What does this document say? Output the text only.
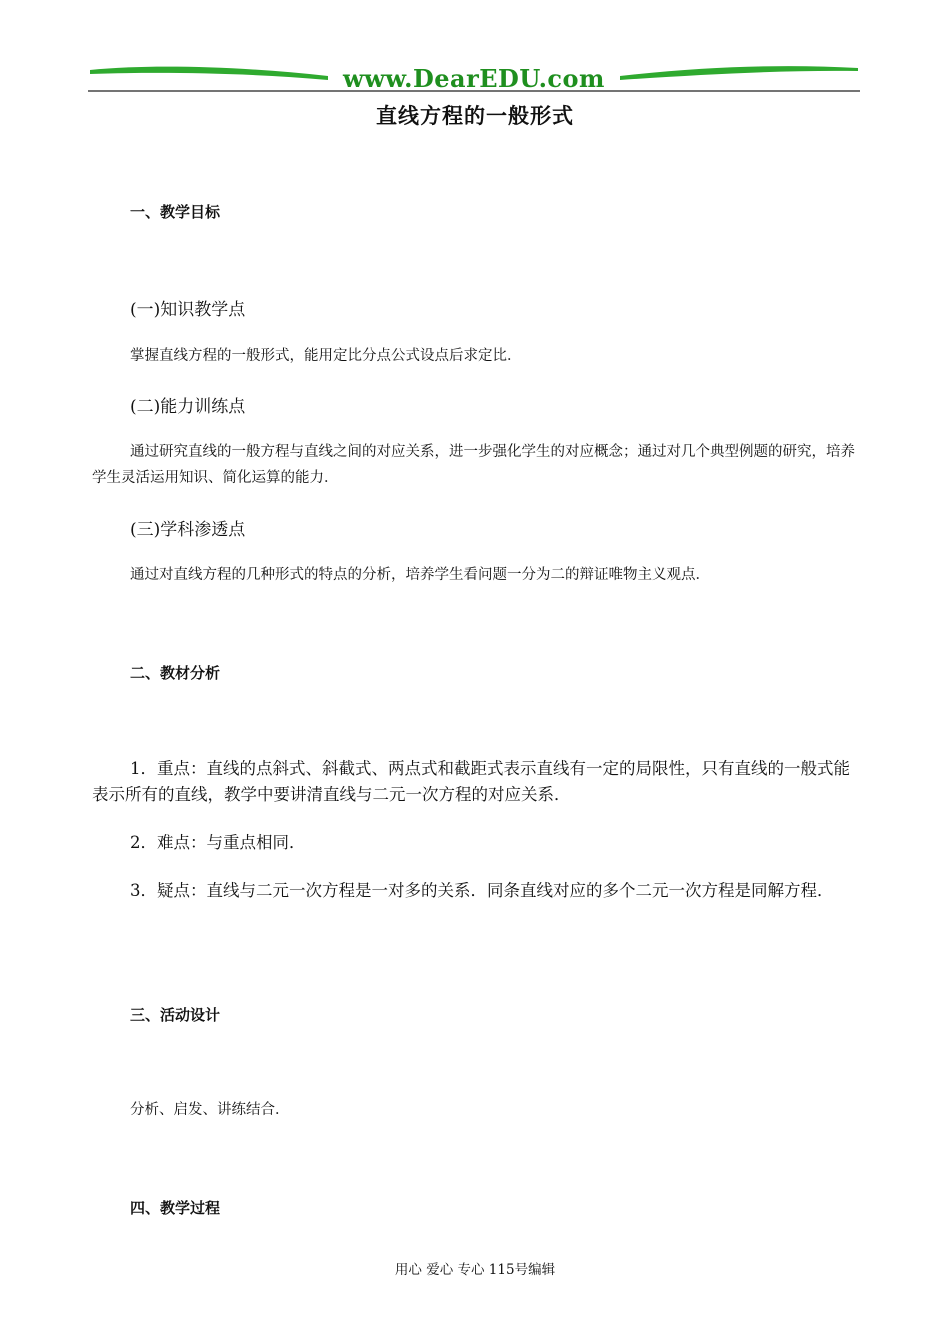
www.DearEDU.com
直线方程的一般形式
一、教学目标
(一)知识教学点
掌握直线方程的一般形式，能用定比分点公式设点后求定比．
(二)能力训练点
通过研究直线的一般方程与直线之间的对应关系，进一步强化学生的对应概念；通过对几个典型例题的研究，培养学生灵活运用知识、简化运算的能力．
(三)学科渗透点
通过对直线方程的几种形式的特点的分析，培养学生看问题一分为二的辩证唯物主义观点．
二、教材分析
1．重点：直线的点斜式、斜截式、两点式和截距式表示直线有一定的局限性，只有直线的一般式能表示所有的直线，教学中要讲清直线与二元一次方程的对应关系．
2．难点：与重点相同．
3．疑点：直线与二元一次方程是一对多的关系．同条直线对应的多个二元一次方程是同解方程．
三、活动设计
分析、启发、讲练结合．
四、教学过程
用心 爱心 专心 115号编辑
